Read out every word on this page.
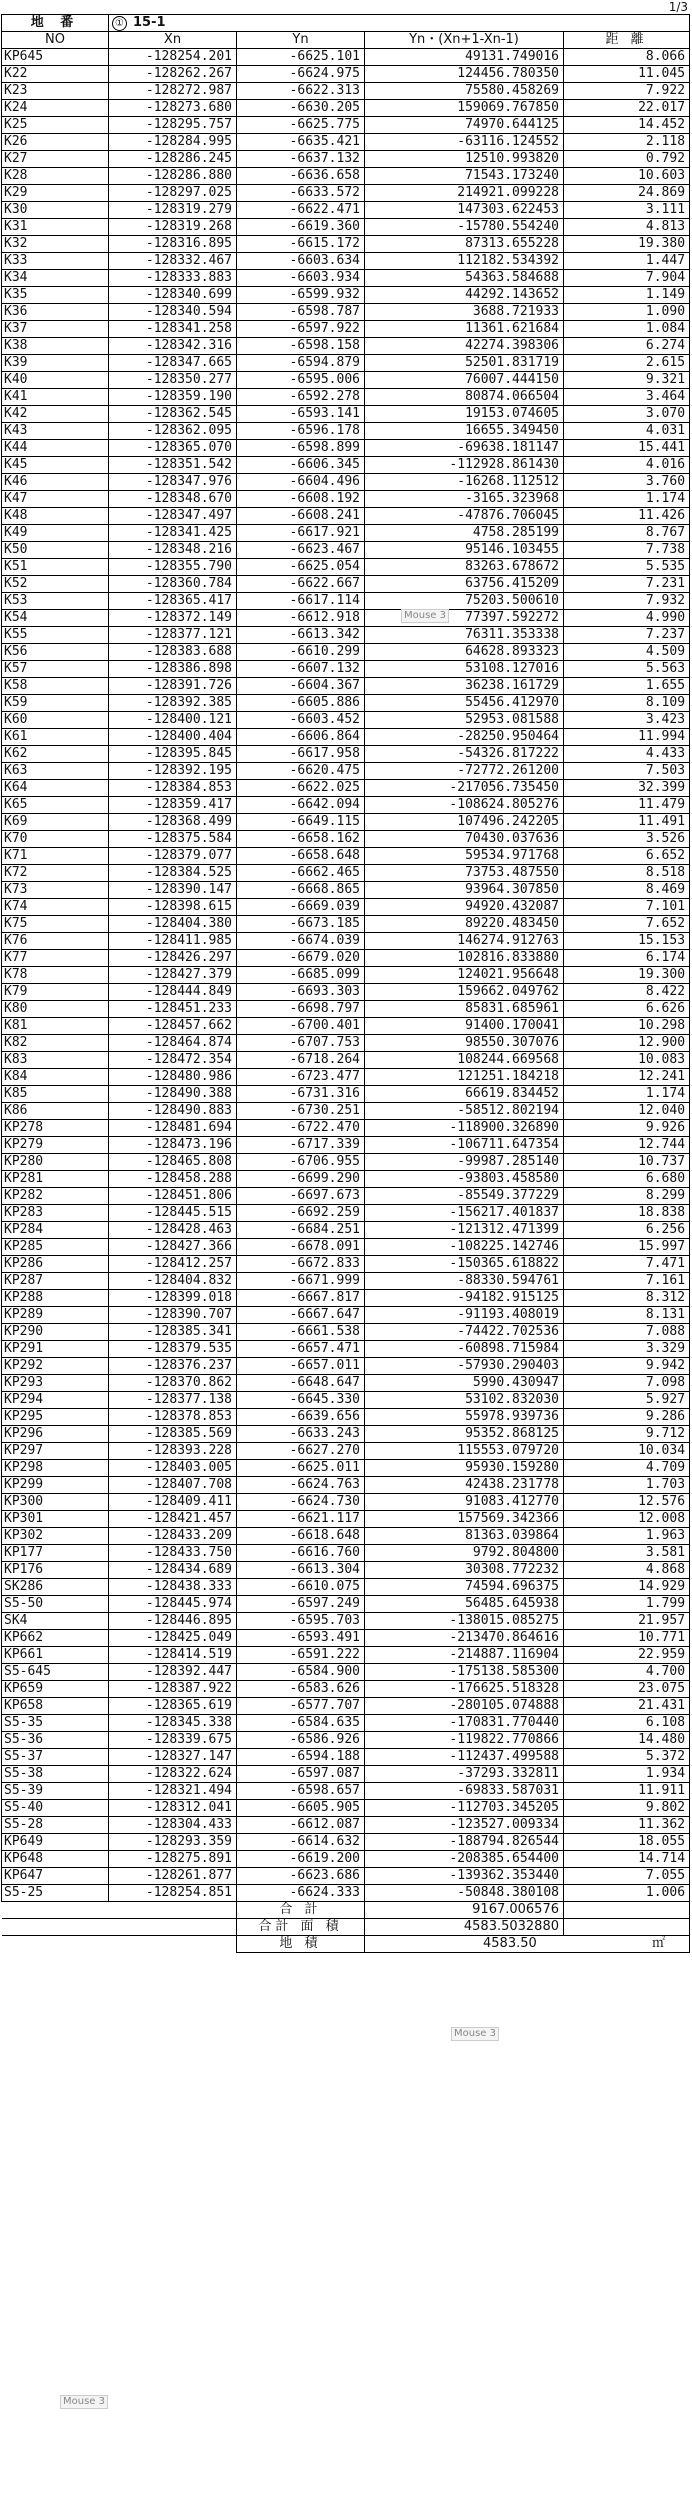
1/3
地 番	① 15-1			
NO	Xn	Yn	Yn・(Xn+1-Xn-1)	距 離
KP645	-128254.201	-6625.101	49131.749016	8.066
K22	-128262.267	-6624.975	124456.780350	11.045
K23	-128272.987	-6622.313	75580.458269	7.922
K24	-128273.680	-6630.205	159069.767850	22.017
K25	-128295.757	-6625.775	74970.644125	14.452
K26	-128284.995	-6635.421	-63116.124552	2.118
K27	-128286.245	-6637.132	12510.993820	0.792
K28	-128286.880	-6636.658	71543.173240	10.603
K29	-128297.025	-6633.572	214921.099228	24.869
K30	-128319.279	-6622.471	147303.622453	3.111
K31	-128319.268	-6619.360	-15780.554240	4.813
K32	-128316.895	-6615.172	87313.655228	19.380
K33	-128332.467	-6603.634	112182.534392	1.447
K34	-128333.883	-6603.934	54363.584688	7.904
K35	-128340.699	-6599.932	44292.143652	1.149
K36	-128340.594	-6598.787	3688.721933	1.090
K37	-128341.258	-6597.922	11361.621684	1.084
K38	-128342.316	-6598.158	42274.398306	6.274
K39	-128347.665	-6594.879	52501.831719	2.615
K40	-128350.277	-6595.006	76007.444150	9.321
K41	-128359.190	-6592.278	80874.066504	3.464
K42	-128362.545	-6593.141	19153.074605	3.070
K43	-128362.095	-6596.178	16655.349450	4.031
K44	-128365.070	-6598.899	-69638.181147	15.441
K45	-128351.542	-6606.345	-112928.861430	4.016
K46	-128347.976	-6604.496	-16268.112512	3.760
K47	-128348.670	-6608.192	-3165.323968	1.174
K48	-128347.497	-6608.241	-47876.706045	11.426
K49	-128341.425	-6617.921	4758.285199	8.767
K50	-128348.216	-6623.467	95146.103455	7.738
K51	-128355.790	-6625.054	83263.678672	5.535
K52	-128360.784	-6622.667	63756.415209	7.231
K53	-128365.417	-6617.114	75203.500610	7.932
K54	-128372.149	-6612.918	77397.592272	4.990
K55	-128377.121	-6613.342	76311.353338	7.237
K56	-128383.688	-6610.299	64628.893323	4.509
K57	-128386.898	-6607.132	53108.127016	5.563
K58	-128391.726	-6604.367	36238.161729	1.655
K59	-128392.385	-6605.886	55456.412970	8.109
K60	-128400.121	-6603.452	52953.081588	3.423
K61	-128400.404	-6606.864	-28250.950464	11.994
K62	-128395.845	-6617.958	-54326.817222	4.433
K63	-128392.195	-6620.475	-72772.261200	7.503
K64	-128384.853	-6622.025	-217056.735450	32.399
K65	-128359.417	-6642.094	-108624.805276	11.479
K69	-128368.499	-6649.115	107496.242205	11.491
K70	-128375.584	-6658.162	70430.037636	3.526
K71	-128379.077	-6658.648	59534.971768	6.652
K72	-128384.525	-6662.465	73753.487550	8.518
K73	-128390.147	-6668.865	93964.307850	8.469
K74	-128398.615	-6669.039	94920.432087	7.101
K75	-128404.380	-6673.185	89220.483450	7.652
K76	-128411.985	-6674.039	146274.912763	15.153
K77	-128426.297	-6679.020	102816.833880	6.174
K78	-128427.379	-6685.099	124021.956648	19.300
K79	-128444.849	-6693.303	159662.049762	8.422
K80	-128451.233	-6698.797	85831.685961	6.626
K81	-128457.662	-6700.401	91400.170041	10.298
K82	-128464.874	-6707.753	98550.307076	12.900
K83	-128472.354	-6718.264	108244.669568	10.083
K84	-128480.986	-6723.477	121251.184218	12.241
K85	-128490.388	-6731.316	66619.834452	1.174
K86	-128490.883	-6730.251	-58512.802194	12.040
KP278	-128481.694	-6722.470	-118900.326890	9.926
KP279	-128473.196	-6717.339	-106711.647354	12.744
KP280	-128465.808	-6706.955	-99987.285140	10.737
KP281	-128458.288	-6699.290	-93803.458580	6.680
KP282	-128451.806	-6697.673	-85549.377229	8.299
KP283	-128445.515	-6692.259	-156217.401837	18.838
KP284	-128428.463	-6684.251	-121312.471399	6.256
KP285	-128427.366	-6678.091	-108225.142746	15.997
KP286	-128412.257	-6672.833	-150365.618822	7.471
KP287	-128404.832	-6671.999	-88330.594761	7.161
KP288	-128399.018	-6667.817	-94182.915125	8.312
KP289	-128390.707	-6667.647	-91193.408019	8.131
KP290	-128385.341	-6661.538	-74422.702536	7.088
KP291	-128379.535	-6657.471	-60898.715984	3.329
KP292	-128376.237	-6657.011	-57930.290403	9.942
KP293	-128370.862	-6648.647	5990.430947	7.098
KP294	-128377.138	-6645.330	53102.832030	5.927
KP295	-128378.853	-6639.656	55978.939736	9.286
KP296	-128385.569	-6633.243	95352.868125	9.712
KP297	-128393.228	-6627.270	115553.079720	10.034
KP298	-128403.005	-6625.011	95930.159280	4.709
KP299	-128407.708	-6624.763	42438.231778	1.703
KP300	-128409.411	-6624.730	91083.412770	12.576
KP301	-128421.457	-6621.117	157569.342366	12.008
KP302	-128433.209	-6618.648	81363.039864	1.963
KP177	-128433.750	-6616.760	9792.804800	3.581
KP176	-128434.689	-6613.304	30308.772232	4.868
SK286	-128438.333	-6610.075	74594.696375	14.929
S5-50	-128445.974	-6597.249	56485.645938	1.799
SK4	-128446.895	-6595.703	-138015.085275	21.957
KP662	-128425.049	-6593.491	-213470.864616	10.771
KP661	-128414.519	-6591.222	-214887.116904	22.959
S5-645	-128392.447	-6584.900	-175138.585300	4.700
KP659	-128387.922	-6583.626	-176625.518328	23.075
KP658	-128365.619	-6577.707	-280105.074888	21.431
S5-35	-128345.338	-6584.635	-170831.770440	6.108
S5-36	-128339.675	-6586.926	-119822.770866	14.480
S5-37	-128327.147	-6594.188	-112437.499588	5.372
S5-38	-128322.624	-6597.087	-37293.332811	1.934
S5-39	-128321.494	-6598.657	-69833.587031	11.911
S5-40	-128312.041	-6605.905	-112703.345205	9.802
S5-28	-128304.433	-6612.087	-123527.009334	11.362
KP649	-128293.359	-6614.632	-188794.826544	18.055
KP648	-128275.891	-6619.200	-208385.654400	14.714
KP647	-128261.877	-6623.686	-139362.353440	7.055
S5-25	-128254.851	-6624.333	-50848.380108	1.006
		合 計	9167.006576	
		合計 面 積	4583.5032880	
		地 積	4583.50 ㎡	
Mouse 3
Mouse 3
Mouse 3
